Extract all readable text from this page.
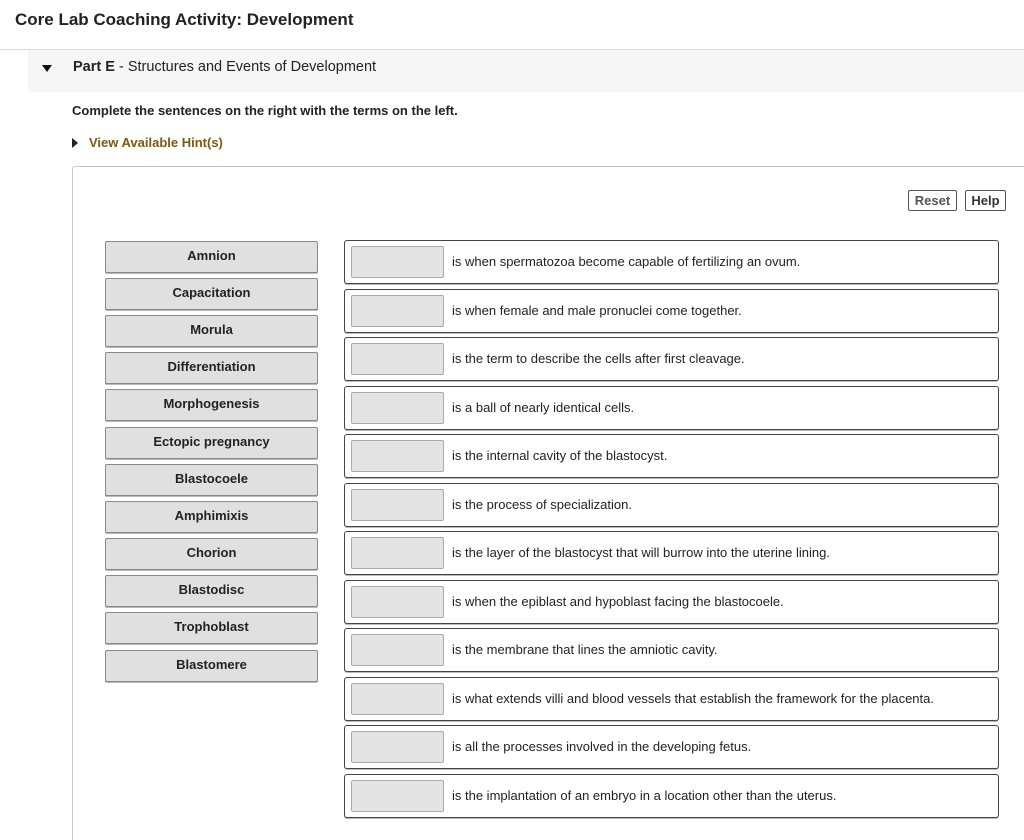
Core Lab Coaching Activity: Development
Part E - Structures and Events of Development
Complete the sentences on the right with the terms on the left.
View Available Hint(s)
Reset	Help
Amnion
Capacitation
Morula
Differentiation
Morphogenesis
Ectopic pregnancy
Blastocoele
Amphimixis
Chorion
Blastodisc
Trophoblast
Blastomere
is when spermatozoa become capable of fertilizing an ovum.
is when female and male pronuclei come together.
is the term to describe the cells after first cleavage.
is a ball of nearly identical cells.
is the internal cavity of the blastocyst.
is the process of specialization.
is the layer of the blastocyst that will burrow into the uterine lining.
is when the epiblast and hypoblast facing the blastocoele.
is the membrane that lines the amniotic cavity.
is what extends villi and blood vessels that establish the framework for the placenta.
is all the processes involved in the developing fetus.
is the implantation of an embryo in a location other than the uterus.
